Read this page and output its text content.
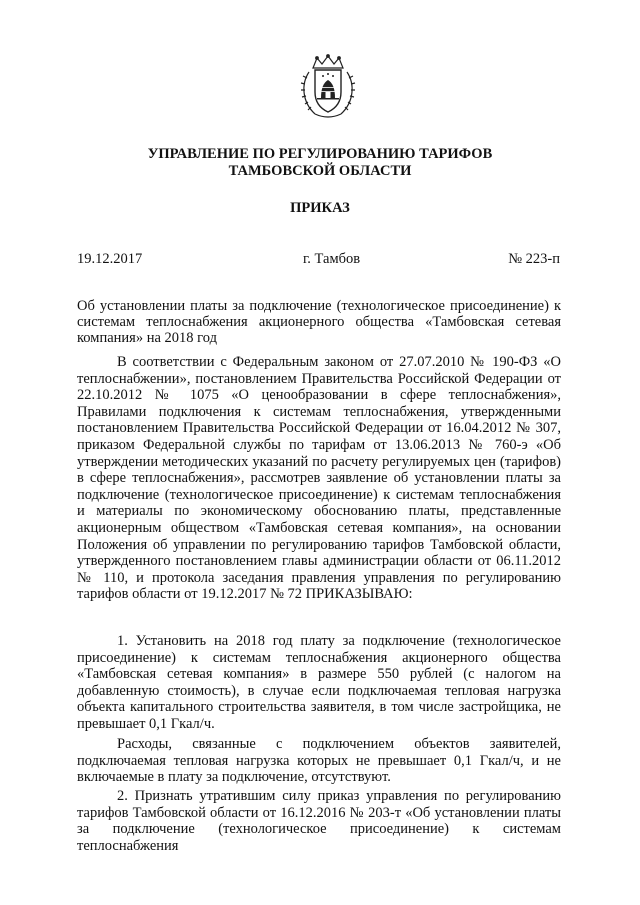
УПРАВЛЕНИЕ ПО РЕГУЛИРОВАНИЮ ТАРИФОВ
ТАМБОВСКОЙ ОБЛАСТИ
ПРИКАЗ
19.12.2017	г. Тамбов	№ 223-п
Об установлении платы за подключение (технологическое присоединение) к системам теплоснабжения акционерного общества «Тамбовская сетевая компания» на 2018 год
В соответствии с Федеральным законом от 27.07.2010 № 190-ФЗ «О теплоснабжении», постановлением Правительства Российской Федерации от 22.10.2012 № 1075 «О ценообразовании в сфере теплоснабжения», Правилами подключения к системам теплоснабжения, утвержденными постановлением Правительства Российской Федерации от 16.04.2012 № 307, приказом Федеральной службы по тарифам от 13.06.2013 № 760-э «Об утверждении методических указаний по расчету регулируемых цен (тарифов) в сфере теплоснабжения», рассмотрев заявление об установлении платы за подключение (технологическое присоединение) к системам теплоснабжения и материалы по экономическому обоснованию платы, представленные акционерным обществом «Тамбовская сетевая компания», на основании Положения об управлении по регулированию тарифов Тамбовской области, утвержденного постановлением главы администрации области от 06.11.2012 № 110, и протокола заседания правления управления по регулированию тарифов области от 19.12.2017 № 72 ПРИКАЗЫВАЮ:
1. Установить на 2018 год плату за подключение (технологическое присоединение) к системам теплоснабжения акционерного общества «Тамбовская сетевая компания» в размере 550 рублей (с налогом на добавленную стоимость), в случае если подключаемая тепловая нагрузка объекта капитального строительства заявителя, в том числе застройщика, не превышает 0,1 Гкал/ч.
Расходы, связанные с подключением объектов заявителей, подключаемая тепловая нагрузка которых не превышает 0,1 Гкал/ч, и не включаемые в плату за подключение, отсутствуют.
2. Признать утратившим силу приказ управления по регулированию тарифов Тамбовской области от 16.12.2016 № 203-т «Об установлении платы за подключение (технологическое присоединение) к системам теплоснабжения
